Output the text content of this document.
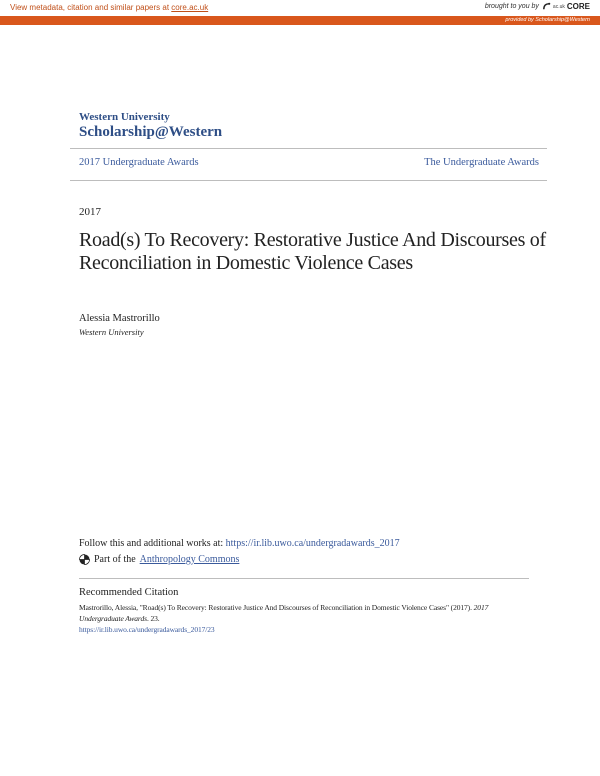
View metadata, citation and similar papers at core.ac.uk	brought to you by	ac.uk CORE
provided by Scholarship@Western
Western University
Scholarship@Western
2017 Undergraduate Awards	The Undergraduate Awards
2017
Road(s) To Recovery: Restorative Justice And Discourses of Reconciliation in Domestic Violence Cases
Alessia Mastrorillo
Western University
Follow this and additional works at: https://ir.lib.uwo.ca/undergradawards_2017
Part of the Anthropology Commons
Recommended Citation
Mastrorillo, Alessia, "Road(s) To Recovery: Restorative Justice And Discourses of Reconciliation in Domestic Violence Cases" (2017). 2017 Undergraduate Awards. 23.
https://ir.lib.uwo.ca/undergradawards_2017/23
